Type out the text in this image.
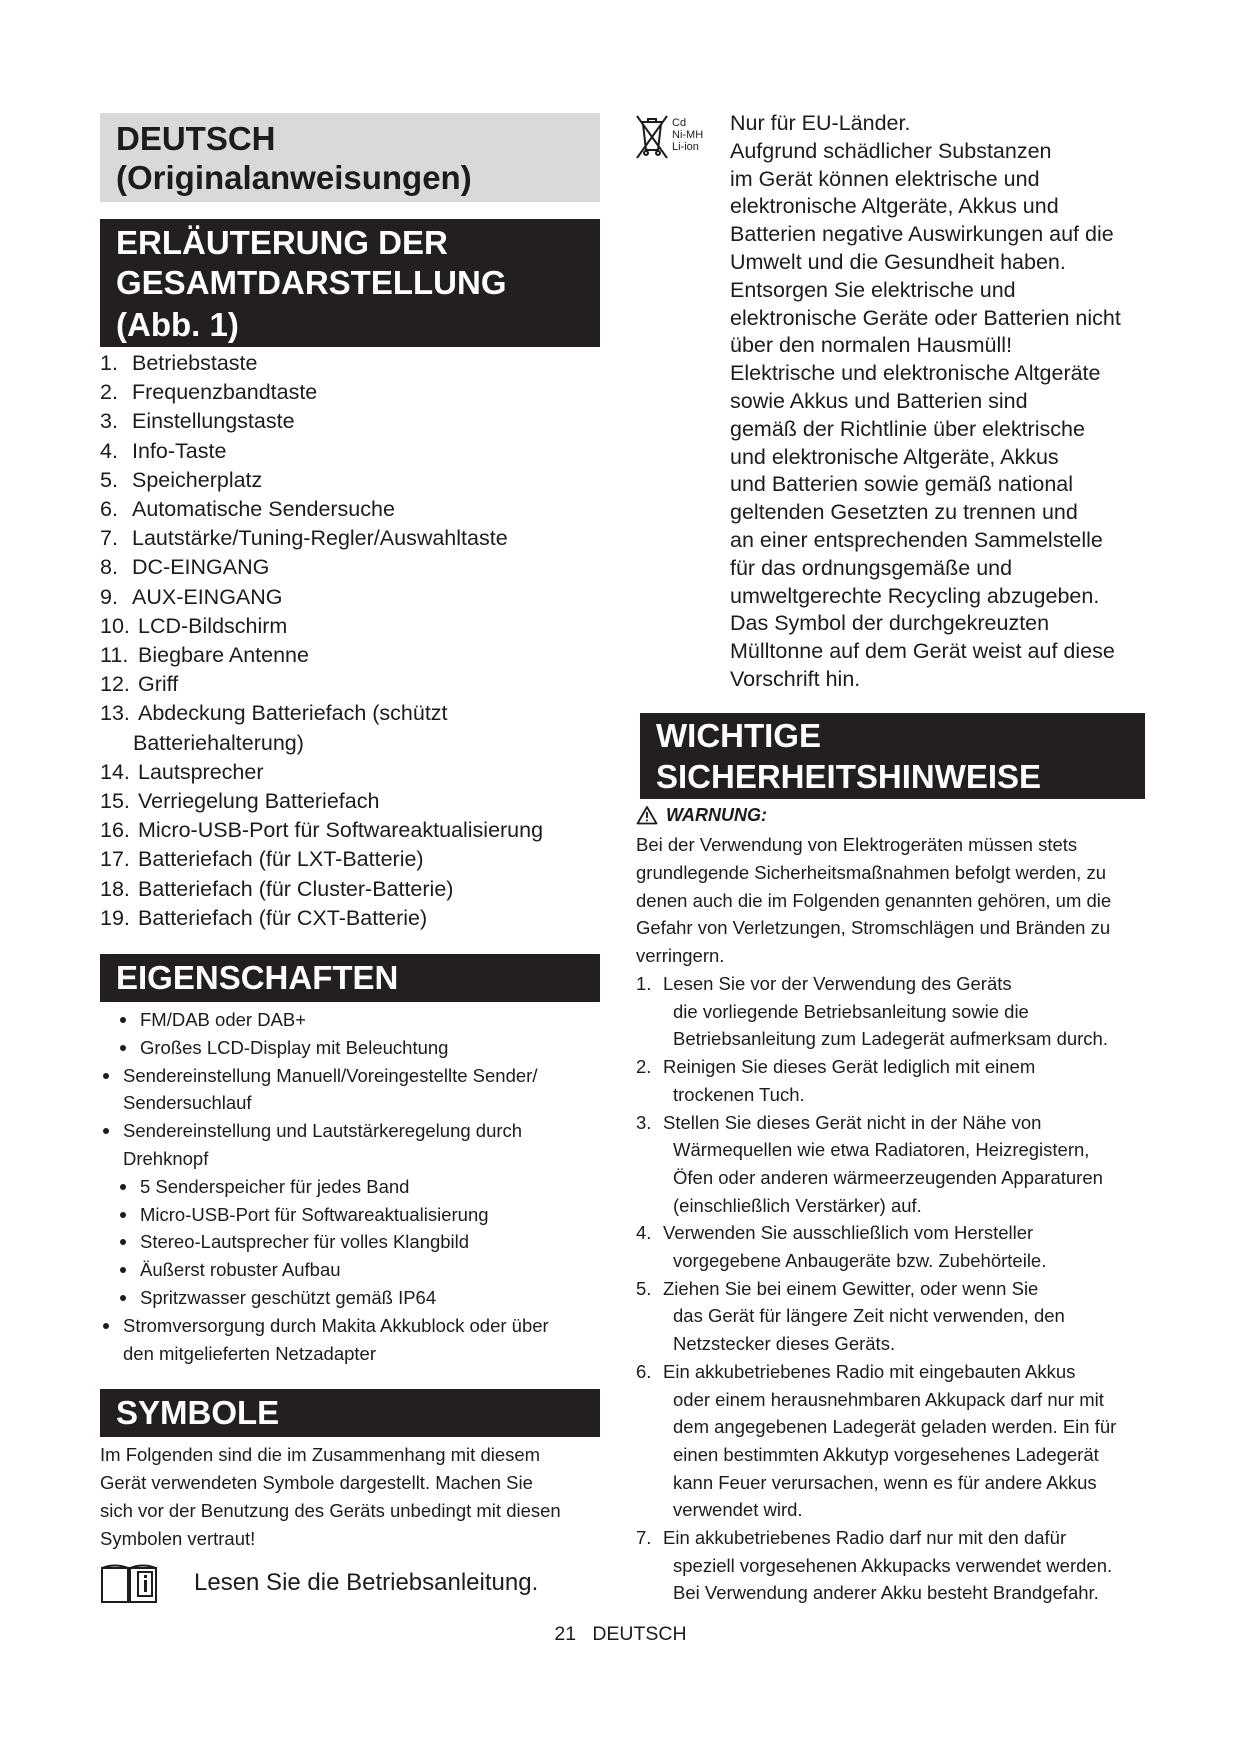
DEUTSCH
(Originalanweisungen)
ERLÄUTERUNG DER
GESAMTDARSTELLUNG
(Abb. 1)
1. Betriebstaste
2. Frequenzbandtaste
3. Einstellungstaste
4. Info-Taste
5. Speicherplatz
6. Automatische Sendersuche
7. Lautstärke/Tuning-Regler/Auswahltaste
8. DC-EINGANG
9. AUX-EINGANG
10. LCD-Bildschirm
11. Biegbare Antenne
12. Griff
13. Abdeckung Batteriefach (schützt
Batteriehalterung)
14. Lautsprecher
15. Verriegelung Batteriefach
16. Micro-USB-Port für Softwareaktualisierung
17. Batteriefach (für LXT-Batterie)
18. Batteriefach (für Cluster-Batterie)
19. Batteriefach (für CXT-Batterie)
EIGENSCHAFTEN
FM/DAB oder DAB+
Großes LCD-Display mit Beleuchtung
Sendereinstellung Manuell/Voreingestellte Sender/
Sendersuchlauf
Sendereinstellung und Lautstärkeregelung durch
Drehknopf
5 Senderspeicher für jedes Band
Micro-USB-Port für Softwareaktualisierung
Stereo-Lautsprecher für volles Klangbild
Äußerst robuster Aufbau
Spritzwasser geschützt gemäß IP64
Stromversorgung durch Makita Akkublock oder über
den mitgelieferten Netzadapter
SYMBOLE
Im Folgenden sind die im Zusammenhang mit diesem
Gerät verwendeten Symbole dargestellt. Machen Sie
sich vor der Benutzung des Geräts unbedingt mit diesen
Symbolen vertraut!
Lesen Sie die Betriebsanleitung.
Cd
Ni-MH
Li-ion
Nur für EU-Länder.
Aufgrund schädlicher Substanzen
im Gerät können elektrische und
elektronische Altgeräte, Akkus und
Batterien negative Auswirkungen auf die
Umwelt und die Gesundheit haben.
Entsorgen Sie elektrische und
elektronische Geräte oder Batterien nicht
über den normalen Hausmüll!
Elektrische und elektronische Altgeräte
sowie Akkus und Batterien sind
gemäß der Richtlinie über elektrische
und elektronische Altgeräte, Akkus
und Batterien sowie gemäß national
geltenden Gesetzten zu trennen und
an einer entsprechenden Sammelstelle
für das ordnungsgemäße und
umweltgerechte Recycling abzugeben.
Das Symbol der durchgekreuzten
Mülltonne auf dem Gerät weist auf diese
Vorschrift hin.
WICHTIGE
SICHERHEITSHINWEISE
WARNUNG:
Bei der Verwendung von Elektrogeräten müssen stets
grundlegende Sicherheitsmaßnahmen befolgt werden, zu
denen auch die im Folgenden genannten gehören, um die
Gefahr von Verletzungen, Stromschlägen und Bränden zu
verringern.
1. Lesen Sie vor der Verwendung des Geräts
die vorliegende Betriebsanleitung sowie die
Betriebsanleitung zum Ladegerät aufmerksam durch.
2. Reinigen Sie dieses Gerät lediglich mit einem
trockenen Tuch.
3. Stellen Sie dieses Gerät nicht in der Nähe von
Wärmequellen wie etwa Radiatoren, Heizregistern,
Öfen oder anderen wärmeerzeugenden Apparaturen
(einschließlich Verstärker) auf.
4. Verwenden Sie ausschließlich vom Hersteller
vorgegebene Anbaugeräte bzw. Zubehörteile.
5. Ziehen Sie bei einem Gewitter, oder wenn Sie
das Gerät für längere Zeit nicht verwenden, den
Netzstecker dieses Geräts.
6. Ein akkubetriebenes Radio mit eingebauten Akkus
oder einem herausnehmbaren Akkupack darf nur mit
dem angegebenen Ladegerät geladen werden. Ein für
einen bestimmten Akkutyp vorgesehenes Ladegerät
kann Feuer verursachen, wenn es für andere Akkus
verwendet wird.
7. Ein akkubetriebenes Radio darf nur mit den dafür
speziell vorgesehenen Akkupacks verwendet werden.
Bei Verwendung anderer Akku besteht Brandgefahr.
21 DEUTSCH
